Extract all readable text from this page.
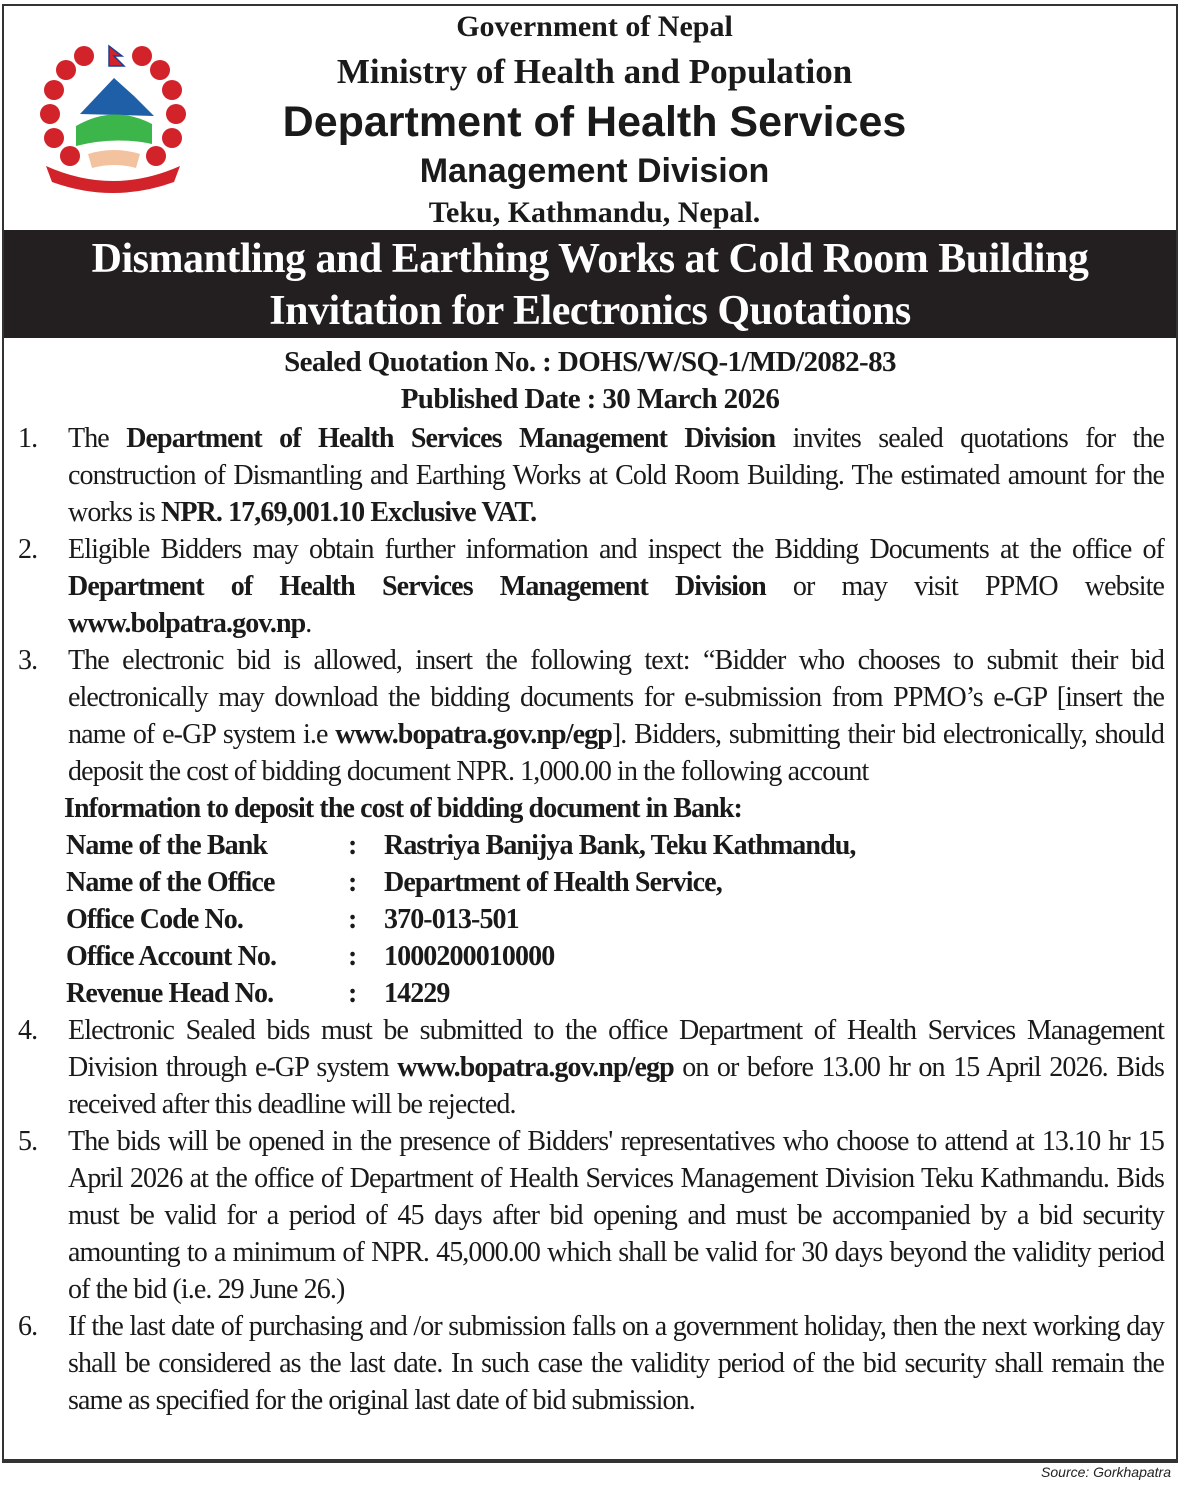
Government of Nepal
Ministry of Health and Population
Department of Health Services
Management Division
Teku, Kathmandu, Nepal.
Dismantling and Earthing Works at Cold Room Building
Invitation for Electronics Quotations
Sealed Quotation No. : DOHS/W/SQ-1/MD/2082-83
Published Date : 30 March 2026
1. The Department of Health Services Management Division invites sealed quotations for the construction of Dismantling and Earthing Works at Cold Room Building. The estimated amount for the works is NPR. 17,69,001.10 Exclusive VAT.
2. Eligible Bidders may obtain further information and inspect the Bidding Documents at the office of Department of Health Services Management Division or may visit PPMO website www.bolpatra.gov.np.
3. The electronic bid is allowed, insert the following text: “Bidder who chooses to submit their bid electronically may download the bidding documents for e-submission from PPMO’s e-GP [insert the name of e-GP system i.e www.bopatra.gov.np/egp]. Bidders, submitting their bid electronically, should deposit the cost of bidding document NPR. 1,000.00 in the following account
Information to deposit the cost of bidding document in Bank:
Name of the Bank	: Rastriya Banijya Bank, Teku Kathmandu,
Name of the Office	: Department of Health Service,
Office Code No.	: 370-013-501
Office Account No.	: 1000200010000
Revenue Head No.	: 14229
4. Electronic Sealed bids must be submitted to the office Department of Health Services Management Division through e-GP system www.bopatra.gov.np/egp on or before 13.00 hr on 15 April 2026. Bids received after this deadline will be rejected.
5. The bids will be opened in the presence of Bidders' representatives who choose to attend at 13.10 hr 15 April 2026 at the office of Department of Health Services Management Division Teku Kathmandu. Bids must be valid for a period of 45 days after bid opening and must be accompanied by a bid security amounting to a minimum of NPR. 45,000.00 which shall be valid for 30 days beyond the validity period of the bid (i.e. 29 June 26.)
6. If the last date of purchasing and /or submission falls on a government holiday, then the next working day shall be considered as the last date. In such case the validity period of the bid security shall remain the same as specified for the original last date of bid submission.
Source: Gorkhapatra
